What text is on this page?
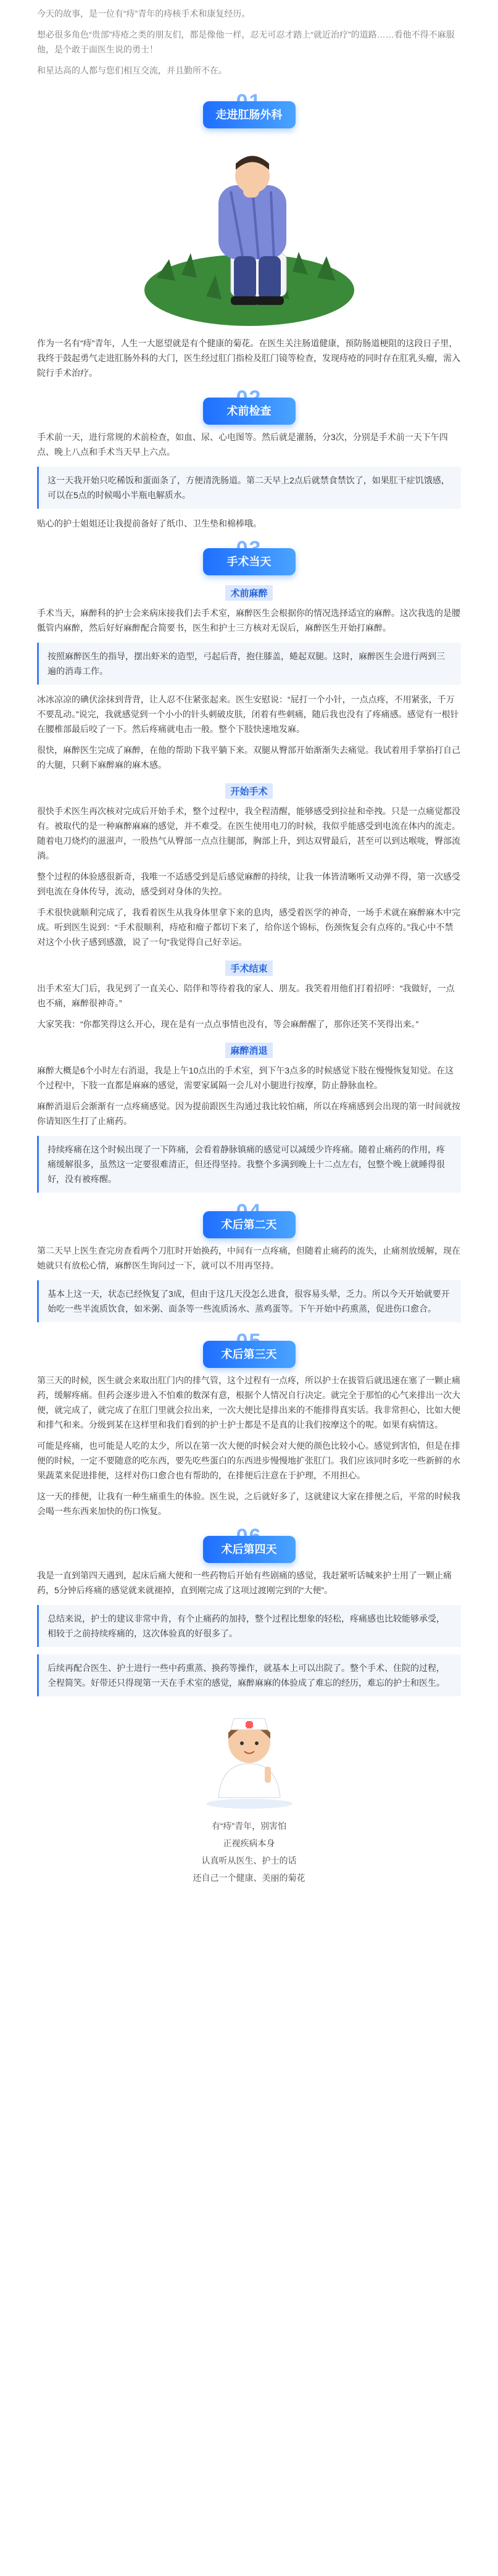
今天的故事，是一位有“痔”青年的痔核手术和康复经历。

想必很多角色“贵部”痔疮之类的朋友们，都是像他一样，忍无可忍才踏上“就近治疗”的道路……看他不得不麻服他，是个敢于面医生说的勇士！

和星达高的人都与您们相互交流，并且勤所不在。

走进肛肠外科

作为一名有“痔”青年，人生一大愿望就是有个健康的菊花。在医生关注肠道健康，预防肠道梗阻的这段日子里，我终于鼓起勇气走进肛肠外科的大门，医生经过肛门指检及肛门镜等检查，发现痔疮的同时存在肛乳头瘤，需入院行手术治疗。

术前检查

手术前一天，进行常规的术前检查，如血、尿、心电图等。然后就是灌肠，分3次，分别是手术前一天下午四点、晚上八点和手术当天早上六点。

这一天我开始只吃稀饭和蛋面条了，方便清洗肠道。第二天早上2点后就禁食禁饮了，如果肛干症饥饿感，可以在5点的时候喝小半瓶电解质水。

贴心的护士姐姐还让我提前备好了纸巾、卫生垫和棉棒哦。

手术当天
术前麻醉

手术当天，麻醉科的护士会来病床接我们去手术室，麻醉医生会根据你的情况选择适宜的麻醉。这次我选的是腰骶管内麻醉，然后好好麻醉配合简要书，医生和护士三方核对无误后，麻醉医生开始打麻醉。

按照麻醉医生的指导，摆出虾米的造型，弓起后背，抱住膝盖，蜷起双腿。这时，麻醉医生会进行两到三遍的消毒工作。

冰冰凉凉的碘伏涂抹到背背，让人忍不住紧张起来。医生安慰说：“屁打一个小针，一点点疼，不用紧张，千万不要乱动。”说完，我就感觉到一个小小的针头刺破皮肤，闭着有些刺痛，随后我也没有了疼痛感。感觉有一根针在腰椎部最后咬了一下。然后疼痛就电击一般。整个下肢快速地发麻。

很快，麻醉医生完成了麻醉，在他的帮助下我平躺下来。双腿从臀部开始渐渐失去痛觉。我试着用手掌掐打自己的大腿，只剩下麻醉麻的麻木感。

开始手术

很快手术医生再次核对完成后开始手术，整个过程中，我全程清醒，能够感受到拉扯和牵拽。只是一点痛觉都没有。被取代的是一种麻醉麻麻的感觉，并不难受。在医生使用电刀的时候，我似乎能感受到电流在体内的流走。随着电刀烧灼的滋滋声，一股热气从臀部一点点往腿部，胸部上升，到达双臂最后，甚至可以到达喉咙，臀部流淌。

整个过程的体验感很新奇，我唯一不适感受到是后感觉麻醉的持续，让我一体皆清晰听又动弹不得，第一次感受到电流在身体传导，流动，感受到对身体的失控。

手术很快就顺利完成了，我看着医生从我身体里拿下来的息肉，感受着医学的神奇，一场手术就在麻醉麻木中完成。听到医生说到：“手术很顺利，痔疮和瘤子都切下来了，给你送个锦标，伤颈恢复会有点疼的。”我心中不禁对这个小伙子感到感激，说了一句“我觉得自己好幸运。

手术结束

出手术室大门后，我见到了一直关心、陪伴和等待着我的家人、朋友。我笑着用他们打着招呼：“我做好，一点也不痛，麻醉很神奇。”

大家笑我：“你都笑得这么开心，现在是有一点点事情也没有，等会麻醉醒了，那你还笑不笑得出来。”

麻醉消退

麻醉大概是6个小时左右消退，我是上午10点出的手术室，到下午3点多的时候感觉下肢在慢慢恢复知觉。在这个过程中，下肢一直都是麻麻的感觉，需要家属隔一会儿对小腿进行按摩，防止静脉血栓。

麻醉消退后会渐渐有一点疼痛感觉。因为提前跟医生沟通过我比较怕痛，所以在疼痛感到会出现的第一时间就按你请知医生打了止痛药。

持续疼痛在这个时候出现了一下阵痛，会看着静脉镇痛的感觉可以减缓少许疼痛。随着止痛药的作用，疼痛缓解很多，虽然这一定要很难清正，但还得坚持。我整个多满到晚上十二点左右，包整个晚上就睡得很好，没有被疼醒。

术后第二天

第二天早上医生查完房查看两个刀肛时开始换药，中间有一点疼痛，但随着止痛药的流失，止痛剂放缓解，现在她就只有放松心情，麻醉医生询问过一下，就可以不用再坚持。

基本上这一天，状态已经恢复了3成，但由于这几天没怎么进食，很容易头晕，乏力。所以今天开始就要开始吃一些半流质饮食，如米粥、面条等一些流质汤水、蒸鸡蛋等。下午开始中药熏蒸，促进伤口愈合。

术后第三天

第三天的时候，医生就会来取出肛门内的排气管，这个过程有一点疼，所以护士在拔管后就迅速在塞了一颗止痛药，缓解疼痛。但药会逐步进入不怕难的数深有意，根据个人情况自行决定。就完全于那怕的心气来排出一次大便，就完成了，就完成了在肛门里就会拉出来，一次大便比是排出来的不能排得真实话。我非常担心，比如大便和排气和来。分级到某在这样里和我们看到的护士护士都是不是真的让我们按摩这个的呢。如果有病情这。

可能是疼痛，也可能是人吃的太少，所以在第一次大便的时候会对大便的颜色比较小心。感觉到害怕，但是在排便的时候，一定不要随意的吃东西，要先吃些蛋白的东西进步慢慢地扩张肛门。我们应该同时多吃一些新鲜的水果蔬菜来促进排便，这样对伤口愈合也有帮助的，在排便后注意在于护理，不用担心。

这一天的排便，让我有一种生痛重生的体验。医生说，之后就好多了，这就建议大家在排便之后，平常的时候我会喝一些东西来加快的伤口恢复。

术后第四天

我是一直到第四天遇到，起床后痛大便和一些药物后开始有些剧痛的感觉，我赶紧听话喊来护士用了一颗止痛药，5分钟后疼痛的感觉就来就褪掉，直到刚完成了这项过渡刚完到的“大便”。

总结来说，护士的建议非常中肯，有个止痛药的加持，整个过程比想象的轻松，疼痛感也比较能够承受，相较于之前持续疼痛的，这次体验真的好很多了。

后续再配合医生、护士进行一些中药熏蒸、换药等操作，就基本上可以出院了。整个手术、住院的过程，全程简笑。好带还只得现第一天在手术室的感觉，麻醉麻麻的体验成了难忘的经历，难忘的护士和医生。

有“痔”青年，别害怕

正视疾病本身

认真听从医生、护士的话

还自己一个健康、美丽的菊花
